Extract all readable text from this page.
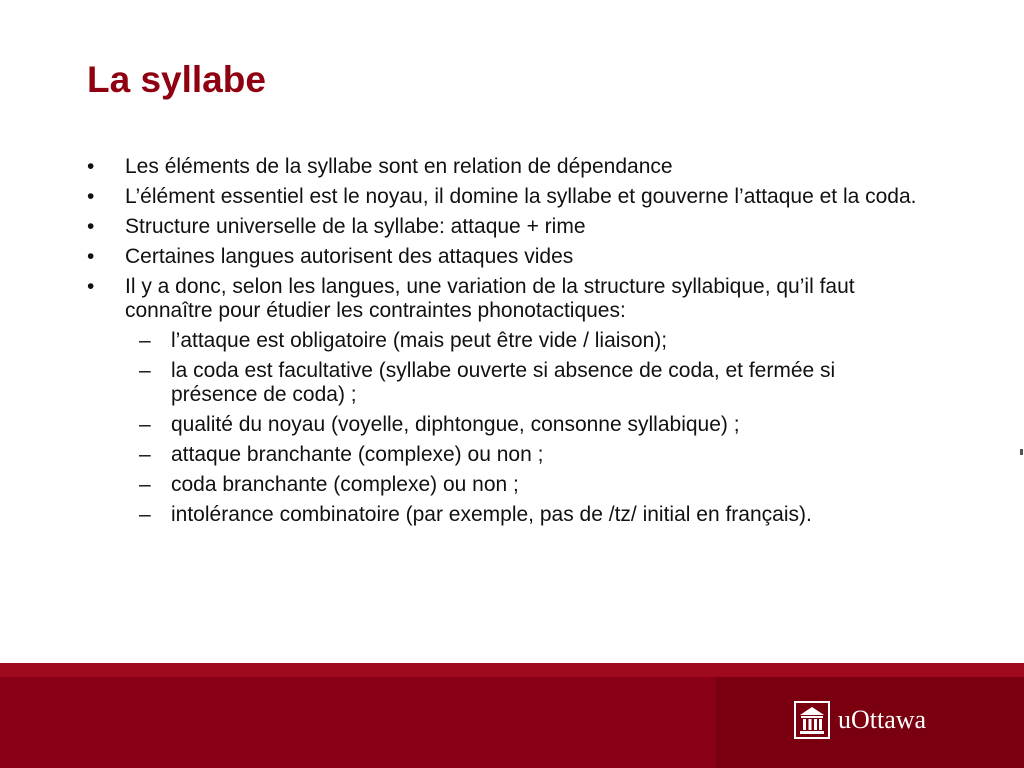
La syllabe
•	Les éléments de la syllabe sont en relation de dépendance
•	L’élément essentiel est le noyau, il domine la syllabe et gouverne l’attaque et la coda.
•	Structure universelle de la syllabe: attaque + rime
•	Certaines langues autorisent des attaques vides
•	Il y a donc, selon les langues, une variation de la structure syllabique, qu’il faut connaître pour étudier les contraintes phonotactiques:
– l’attaque est obligatoire (mais peut être vide / liaison);
– la coda est facultative (syllabe ouverte si absence de coda, et fermée si présence de coda) ;
– qualité du noyau (voyelle, diphtongue, consonne syllabique) ;
– attaque branchante (complexe) ou non ;
– coda branchante (complexe) ou non ;
– intolérance combinatoire (par exemple, pas de /tz/ initial en français).
uOttawa
